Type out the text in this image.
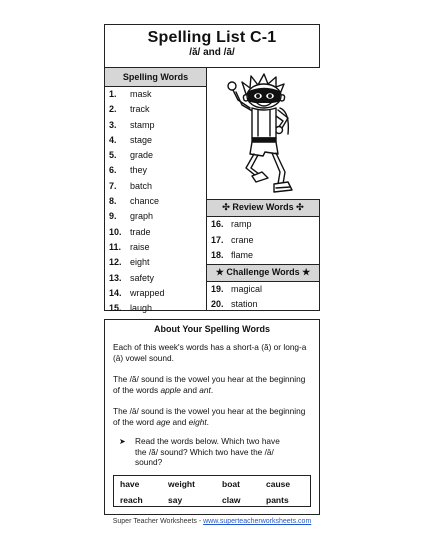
Spelling List C-1
/ă/ and /ā/
Spelling Words
1. mask
2. track
3. stamp
4. stage
5. grade
6. they
7. batch
8. chance
9. graph
10. trade
11. raise
12. eight
13. safety
14. wrapped
15. laugh
✣ Review Words ✣
16. ramp
17. crane
18. flame
★ Challenge Words ★
19. magical
20. station
About Your Spelling Words

Each of this week's words has a short-a (ă) or long-a (ā) vowel sound.

The /ă/ sound is the vowel you hear at the beginning of the words apple and ant.

The /ā/ sound is the vowel you hear at the beginning of the word age and eight.

➤ Read the words below. Which two have the /ă/ sound? Which two have the /ā/ sound?

have	weight	boat	cause
reach	say	claw	pants
Super Teacher Worksheets - www.superteacherworksheets.com
